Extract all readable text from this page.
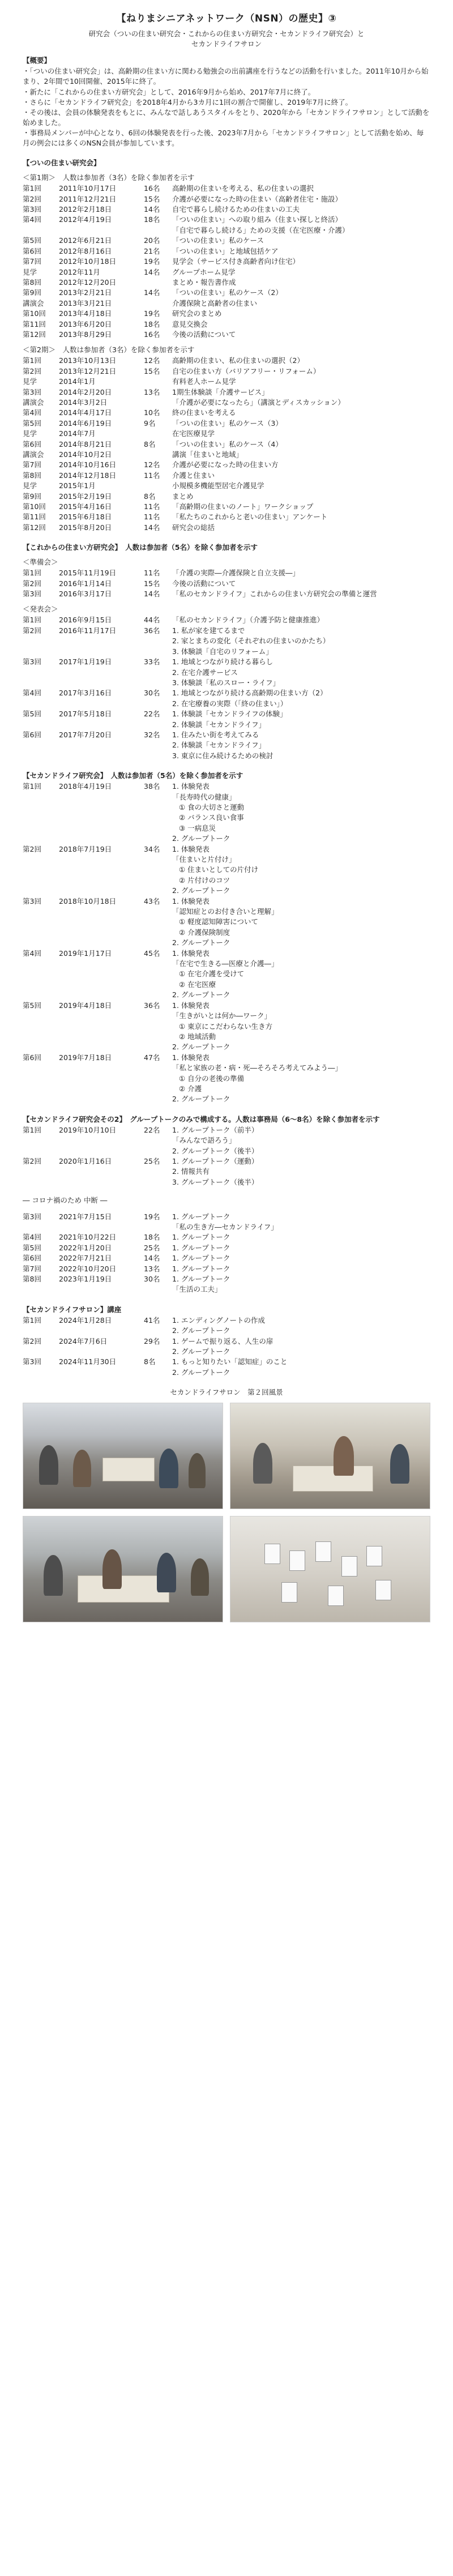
【ねりまシニアネットワーク（NSN）の歴史】③

研究会（ついの住まい研究会・これからの住まい方研究会・セカンドライフ研究会）と

セカンドライフサロン

【概要】

・「ついの住まい研究会」は、高齢期の住まい方に関わる勉強会の出前講座を行うなどの活動を行いました。2011年10月から始まり、2年間で10回開催、2015年に終了。

・新たに「これからの住まい方研究会」として、2016年9月から始め、2017年7月に終了。

・さらに「セカンドライフ研究会」を2018年4月から3カ月に1回の割合で開催し、2019年7月に終了。

・その後は、会員の体験発表をもとに、みんなで話しあうスタイルをとり、2020年から「セカンドライフサロン」として活動を始めました。

・事務局メンバーが中心となり、6回の体験発表を行った後、2023年7月から「セカンドライフサロン」として活動を始め、毎月の例会には多くのNSN会員が参加しています。

【ついの住まい研究会】
＜第1期＞　人数は参加者（3名）を除く参加者を示す
第1回 2011年10月17日	16名 高齢期の住まいを考える、私の住まいの選択
第2回 2011年12月21日	15名 介護が必要になった時の住まい（高齢者住宅・施設）
第3回 2012年2月18日	14名 自宅で暮らし続けるための住まいの工夫
第4回 2012年4月19日	18名 「ついの住まい」への取り組み（住まい探しと終活）
「自宅で暮らし続ける」ための支援（在宅医療・介護）
第5回 2012年6月21日	20名 「ついの住まい」私のケース
第6回 2012年8月16日	21名 「ついの住まい」と地域包括ケア
第7回 2012年10月18日	19名 見学会（サービス付き高齢者向け住宅）
見学	2012年11月	14名 グループホーム見学
第8回 2012年12月20日	まとめ・報告書作成
第9回 2013年2月21日	14名 「ついの住まい」私のケース（2）
講演会 2013年3月21日	介護保険と高齢者の住まい
第10回 2013年4月18日	19名 研究会のまとめ
第11回 2013年6月20日	18名 意見交換会
第12回 2013年8月29日	16名 今後の活動について
＜第2期＞　人数は参加者（3名）を除く参加者を示す
第1回 2013年10月13日	12名 高齢期の住まい、私の住まいの選択（2）
第2回 2013年12月21日	15名 自宅の住まい方（バリアフリー・リフォーム）
見学	2014年1月	有料老人ホーム見学
第3回 2014年2月20日	13名 1期生体験談「介護サービス」
講演会 2014年3月2日	「介護が必要になったら」（講演とディスカッション）
第4回 2014年4月17日	10名 終の住まいを考える
第5回 2014年6月19日	9名 「ついの住まい」私のケース（3）
見学	2014年7月	在宅医療見学
第6回 2014年8月21日	8名 「ついの住まい」私のケース（4）
講演会 2014年10月2日	講演「住まいと地域」
第7回 2014年10月16日	12名 介護が必要になった時の住まい方
第8回 2014年12月18日	11名 介護と住まい
見学	2015年1月	小規模多機能型居宅介護見学
第9回 2015年2月19日	8名 まとめ
第10回 2015年4月16日	11名 「高齢期の住まいのノート」ワークショップ
第11回 2015年6月18日	11名 「私たちのこれからと老いの住まい」アンケート
第12回 2015年8月20日	14名 研究会の総括
【これからの住まい方研究会】　人数は参加者（5名）を除く参加者を示す
＜準備会＞
第1回 2015年11月19日	11名 「介護の実際―介護保険と自立支援―」
第2回 2016年1月14日	15名 今後の活動について
第3回 2016年3月17日	14名 「私のセカンドライフ」これからの住まい方研究会の準備と運営
＜発表会＞
第1回 2016年9月15日	44名 「私のセカンドライフ」（介護予防と健康推進）
第2回 2016年11月17日	36名 1. 私が家を建てるまで
2. 家とまちの変化（それぞれの住まいのかたち）
3. 体験談「自宅のリフォーム」
第3回 2017年1月19日	33名 1. 地域とつながり続ける暮らし
2. 在宅介護サービス
3. 体験談「私のスロー・ライフ」
第4回 2017年3月16日	30名 1. 地域とつながり続ける高齢期の住まい方（2）
2. 在宅療養の実際（「終の住まい」）
第5回 2017年5月18日	22名 1. 体験談「セカンドライフの体験」
2. 体験談「セカンドライフ」
第6回 2017年7月20日	32名 1. 住みたい街を考えてみる
2. 体験談「セカンドライフ」
3. 東京に住み続けるための検討
【セカンドライフ研究会】　人数は参加者（5名）を除く参加者を示す
第1回 2018年4月19日	38名 1. 体験発表
「長寿時代の健康」
① 食の大切さと運動
② バランス良い食事
③ 一病息災
2. グループトーク
第2回 2018年7月19日	34名 1. 体験発表
「住まいと片付け」
① 住まいとしての片付け
② 片付けのコツ
2. グループトーク
第3回 2018年10月18日	43名 1. 体験発表
「認知症とのお付き合いと理解」
① 軽度認知障害について
② 介護保険制度
2. グループトーク
第4回 2019年1月17日	45名 1. 体験発表
「在宅で生きる―医療と介護―」
① 在宅介護を受けて
② 在宅医療
2. グループトーク
第5回 2019年4月18日	36名 1. 体験発表
「生きがいとは何か―ワーク」
① 東京にこだわらない生き方
② 地域活動
2. グループトーク
第6回 2019年7月18日	47名 1. 体験発表
「私と家族の老・病・死―そろそろ考えてみよう―」
① 自分の老後の準備
② 介護
2. グループトーク
【セカンドライフ研究会その2】　グループトークのみで構成する。人数は事務局（6〜8名）を除く参加者を示す
第1回 2019年10月10日	22名 1. グループトーク（前半）
「みんなで語ろう」
2. グループトーク（後半）
第2回 2020年1月16日	25名 1. グループトーク（運動）
2. 情報共有
3. グループトーク（後半）
― コロナ禍のため 中断 ―
第3回 2021年7月15日	19名 1. グループトーク
「私の生き方―セカンドライフ」
第4回 2021年10月22日	18名 1. グループトーク
第5回 2022年1月20日	25名 1. グループトーク
第6回 2022年7月21日	14名 1. グループトーク
第7回 2022年10月20日	13名 1. グループトーク
第8回 2023年1月19日	30名 1. グループトーク
「生活の工夫」
【セカンドライフサロン】講座
第1回 2024年1月28日	41名 1. エンディングノートの作成
2. グループトーク
第2回 2024年7月6日	29名 1. ゲームで振り返る、人生の扉
2. グループトーク
第3回 2024年11月30日	8名 1. もっと知りたい「認知症」のこと
2. グループトーク
セカンドライフサロン　第２回風景
